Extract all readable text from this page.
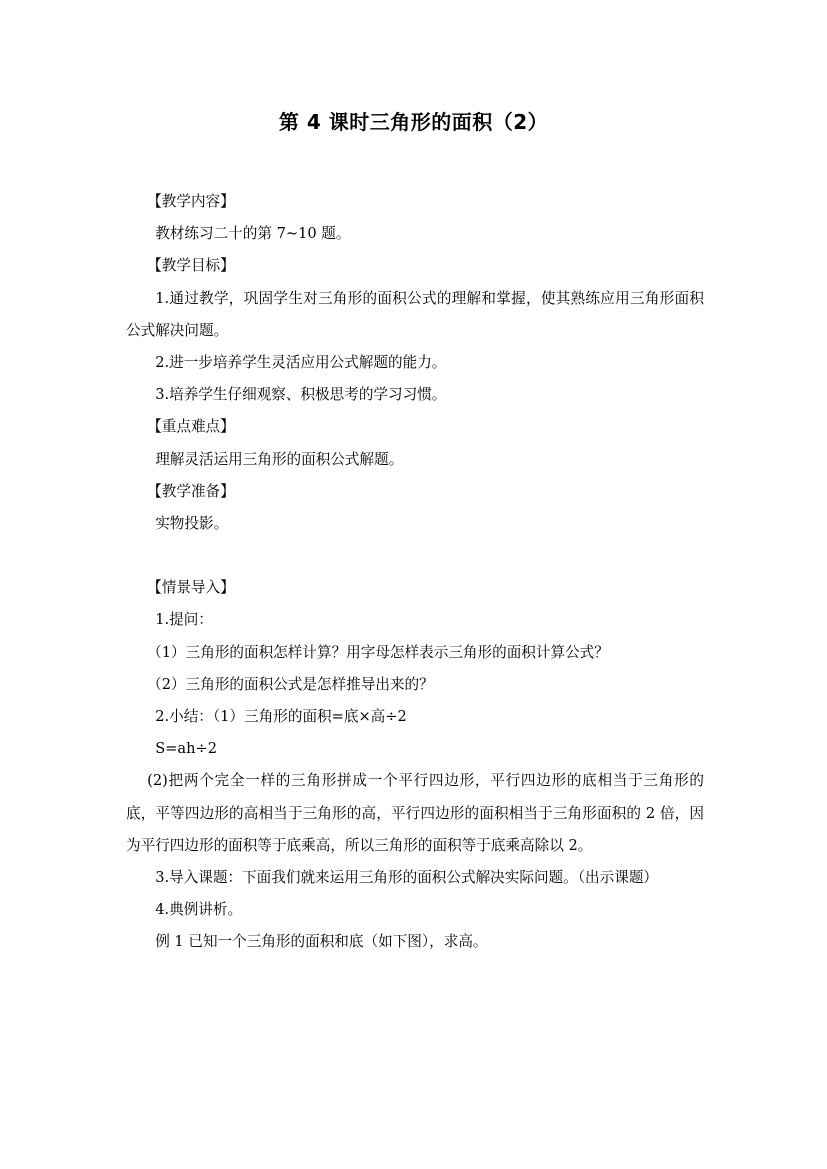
第 4 课时三角形的面积（2）

【教学内容】

教材练习二十的第 7~10 题。

【教学目标】

1.通过教学，巩固学生对三角形的面积公式的理解和掌握，使其熟练应用三角形面积公式解决问题。

2.进一步培养学生灵活应用公式解题的能力。

3.培养学生仔细观察、积极思考的学习习惯。

【重点难点】

理解灵活运用三角形的面积公式解题。

【教学准备】

实物投影。

【情景导入】

1.提问：

（1）三角形的面积怎样计算？用字母怎样表示三角形的面积计算公式？

（2）三角形的面积公式是怎样推导出来的？

2.小结：（1）三角形的面积=底×高÷2

S=ah÷2

(2)把两个完全一样的三角形拼成一个平行四边形，平行四边形的底相当于三角形的底，平等四边形的高相当于三角形的高，平行四边形的面积相当于三角形面积的 2 倍，因为平行四边形的面积等于底乘高，所以三角形的面积等于底乘高除以 2。

3.导入课题：下面我们就来运用三角形的面积公式解决实际问题。（出示课题）

4.典例讲析。

例 1 已知一个三角形的面积和底（如下图），求高。
